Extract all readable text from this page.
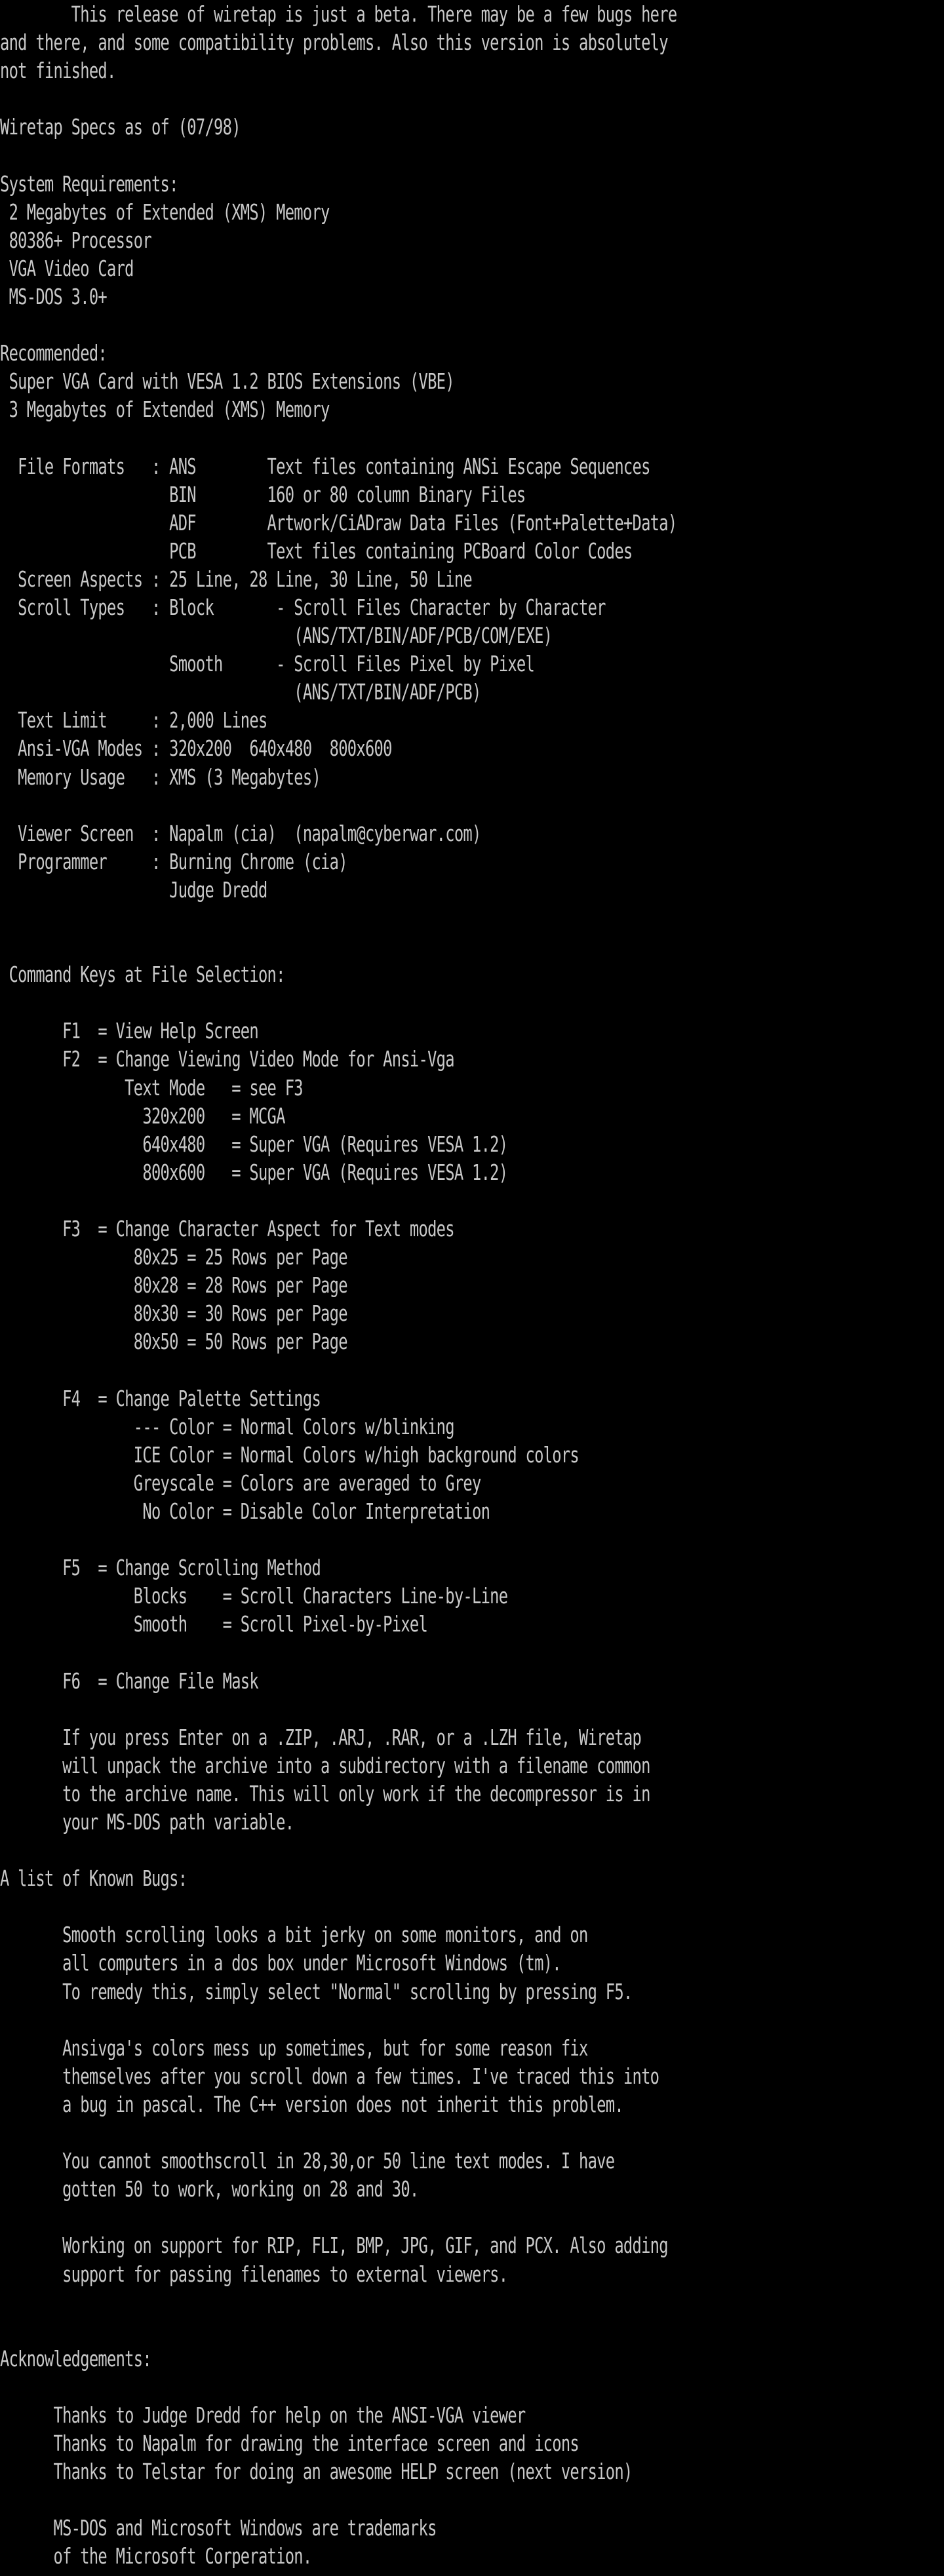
This release of wiretap is just a beta. There may be a few bugs here
and there, and some compatibility problems. Also this version is absolutely
not finished.

Wiretap Specs as of (07/98)

System Requirements:
2 Megabytes of Extended (XMS) Memory
80386+ Processor
VGA Video Card
MS-DOS 3.0+

Recommended:
Super VGA Card with VESA 1.2 BIOS Extensions (VBE)
3 Megabytes of Extended (XMS) Memory

File Formats   : ANS        Text files containing ANSi Escape Sequences
BIN        160 or 80 column Binary Files
ADF        Artwork/CiADraw Data Files (Font+Palette+Data)
PCB        Text files containing PCBoard Color Codes
Screen Aspects : 25 Line, 28 Line, 30 Line, 50 Line
Scroll Types   : Block       - Scroll Files Character by Character
(ANS/TXT/BIN/ADF/PCB/COM/EXE)
Smooth      - Scroll Files Pixel by Pixel
(ANS/TXT/BIN/ADF/PCB)
Text Limit     : 2,000 Lines
Ansi-VGA Modes : 320x200  640x480  800x600
Memory Usage   : XMS (3 Megabytes)

Viewer Screen  : Napalm (cia)  (napalm@cyberwar.com)
Programmer     : Burning Chrome (cia)
Judge Dredd

Command Keys at File Selection:

F1  = View Help Screen
F2  = Change Viewing Video Mode for Ansi-Vga
Text Mode   = see F3
320x200   = MCGA
640x480   = Super VGA (Requires VESA 1.2)
800x600   = Super VGA (Requires VESA 1.2)

F3  = Change Character Aspect for Text modes
80x25 = 25 Rows per Page
80x28 = 28 Rows per Page
80x30 = 30 Rows per Page
80x50 = 50 Rows per Page

F4  = Change Palette Settings
--- Color = Normal Colors w/blinking
ICE Color = Normal Colors w/high background colors
Greyscale = Colors are averaged to Grey
No Color = Disable Color Interpretation

F5  = Change Scrolling Method
Blocks    = Scroll Characters Line-by-Line
Smooth    = Scroll Pixel-by-Pixel

F6  = Change File Mask

If you press Enter on a .ZIP, .ARJ, .RAR, or a .LZH file, Wiretap
will unpack the archive into a subdirectory with a filename common
to the archive name. This will only work if the decompressor is in
your MS-DOS path variable.

A list of Known Bugs:

Smooth scrolling looks a bit jerky on some monitors, and on
all computers in a dos box under Microsoft Windows (tm).
To remedy this, simply select "Normal" scrolling by pressing F5.

Ansivga's colors mess up sometimes, but for some reason fix
themselves after you scroll down a few times. I've traced this into
a bug in pascal. The C++ version does not inherit this problem.

You cannot smoothscroll in 28,30,or 50 line text modes. I have
gotten 50 to work, working on 28 and 30.

Working on support for RIP, FLI, BMP, JPG, GIF, and PCX. Also adding
support for passing filenames to external viewers.

Acknowledgements:

Thanks to Judge Dredd for help on the ANSI-VGA viewer
Thanks to Napalm for drawing the interface screen and icons
Thanks to Telstar for doing an awesome HELP screen (next version)

MS-DOS and Microsoft Windows are trademarks
of the Microsoft Corperation.
